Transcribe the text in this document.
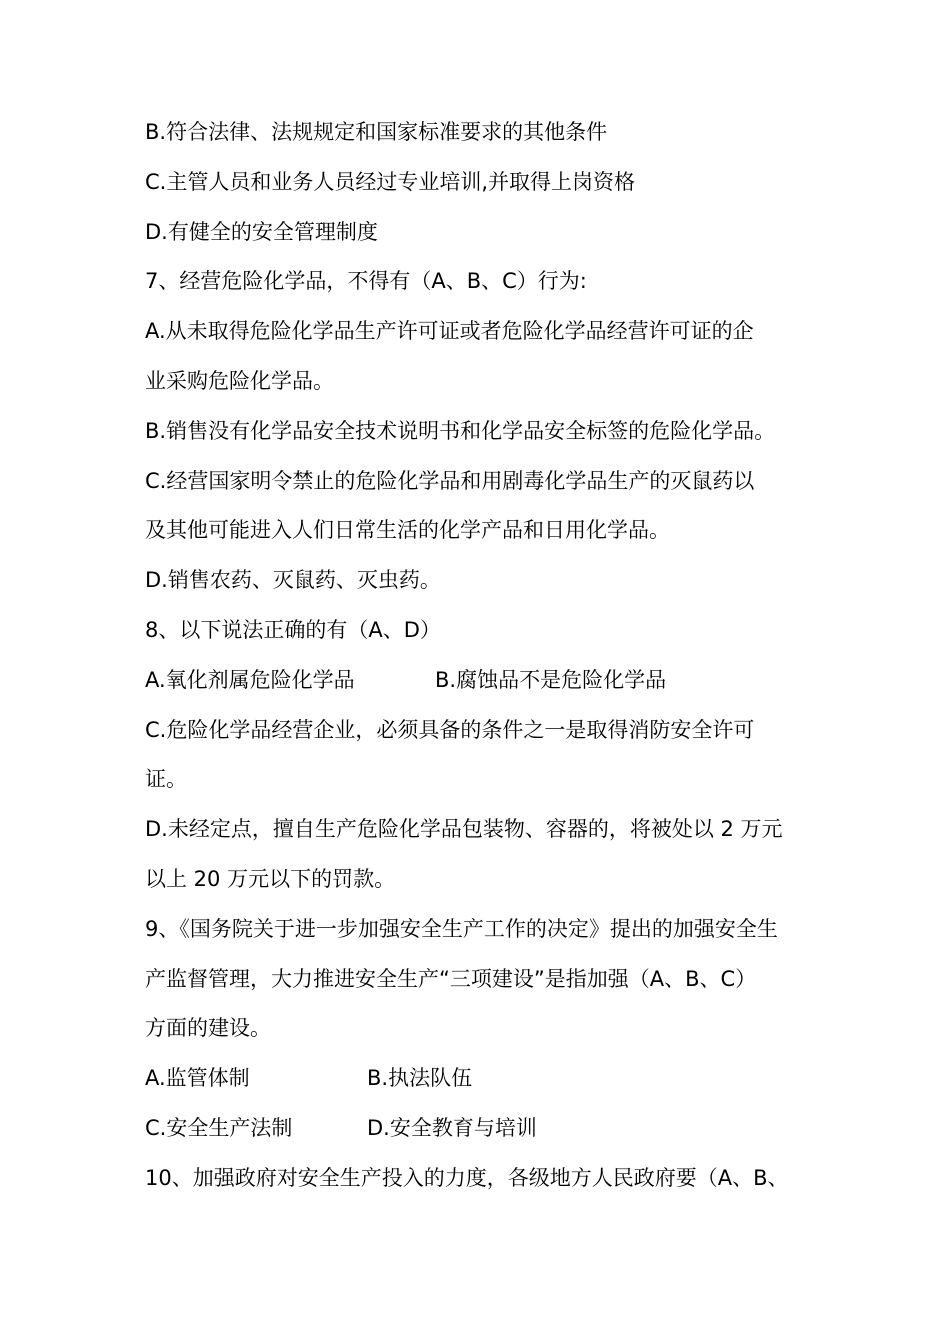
B.符合法律、法规规定和国家标准要求的其他条件
C.主管人员和业务人员经过专业培训,并取得上岗资格
D.有健全的安全管理制度
7、经营危险化学品，不得有（A、B、C）行为:
A.从未取得危险化学品生产许可证或者危险化学品经营许可证的企
业采购危险化学品。
B.销售没有化学品安全技术说明书和化学品安全标签的危险化学品。
C.经营国家明令禁止的危险化学品和用剧毒化学品生产的灭鼠药以
及其他可能进入人们日常生活的化学产品和日用化学品。
D.销售农药、灭鼠药、灭虫药。
8、以下说法正确的有（A、D）
A.氧化剂属危险化学品	B.腐蚀品不是危险化学品
C.危险化学品经营企业，必须具备的条件之一是取得消防安全许可
证。
D.未经定点，擅自生产危险化学品包装物、容器的，将被处以 2 万元
以上 20 万元以下的罚款。
9、《国务院关于进一步加强安全生产工作的决定》提出的加强安全生
产监督管理，大力推进安全生产“三项建设”是指加强（A、B、C）
方面的建设。
A.监管体制	B.执法队伍
C.安全生产法制	D.安全教育与培训
10、加强政府对安全生产投入的力度，各级地方人民政府要（A、B、
